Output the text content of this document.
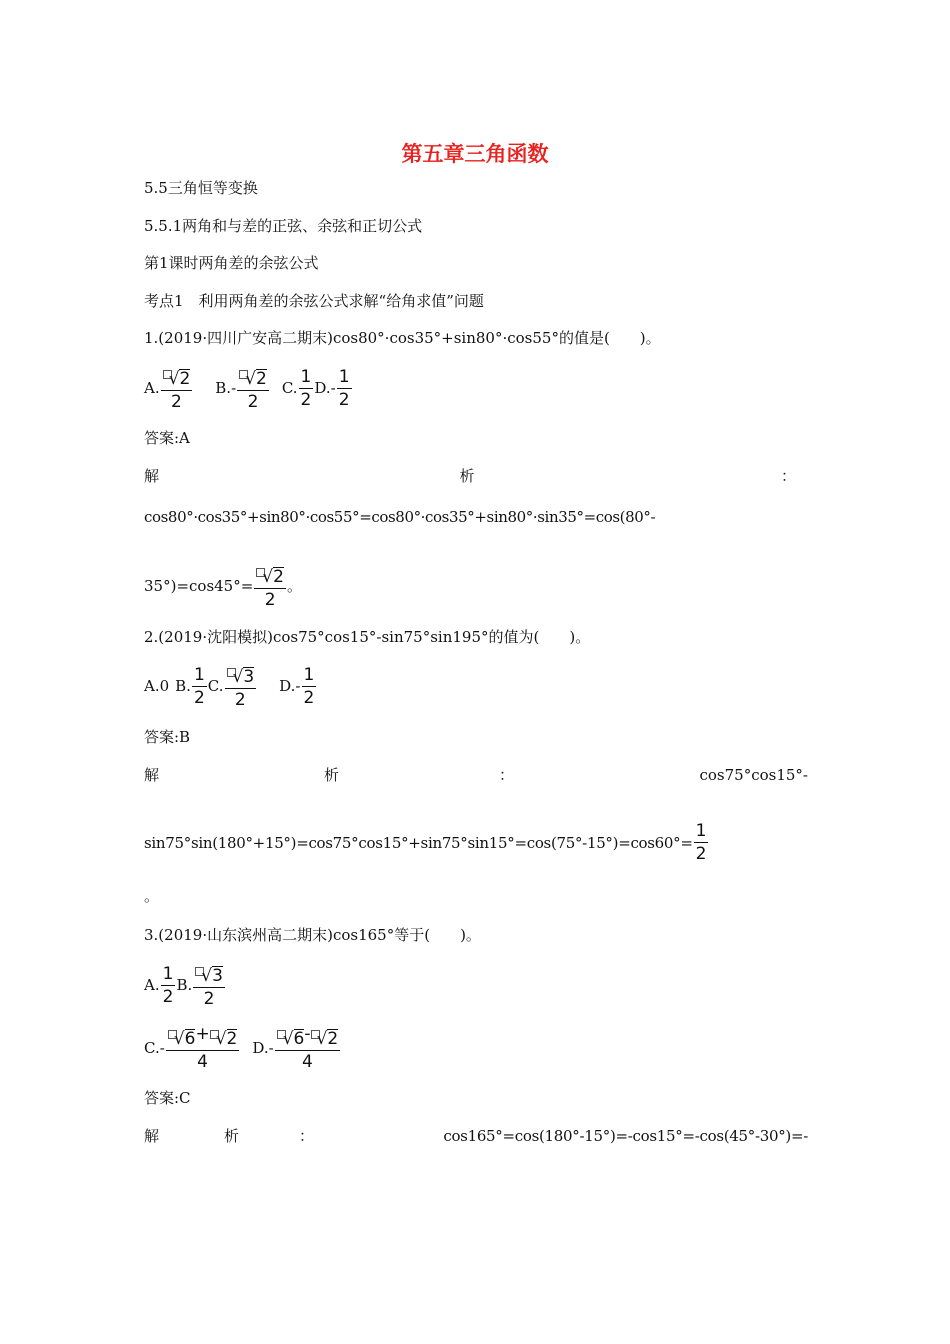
第五章三角函数
5.5三角恒等变换
5.5.1两角和与差的正弦、余弦和正切公式
第1课时两角差的余弦公式
考点1　利用两角差的余弦公式求解“给角求值”问题
1.(2019·四川广安高二期末)cos80°·cos35°+sin80°·cos55°的值是(　　)。
A. $\frac{√ 2}{2} B.- \frac{√ 2}{2} C$. $\frac{1}{2} D.- \frac{1}{2}$
答案:A
解	析	：
cos80°·cos35°+sin80°·cos55°=cos80°·cos35°+sin80°·sin35°=cos(80°-
$35^\circ)=\cos 45^\circ= \frac{√ 2}{2}$ 。
2.(2019·沈阳模拟)cos75°cos15°-sin75°sin195°的值为(　　)。
A.0 B. $\frac{1}{2} C$. $\frac{√ 3}{2} D.- \frac{1}{2}$
答案:B
解	析	：	cos75°cos15°-
$\sin 75^\circ\sin(180^\circ+15^\circ)=\cos 75^\circ\cos 15^\circ+\sin 75^\circ\sin 15^\circ=\cos(75^\circ-15^\circ)=\cos 60^\circ= \frac{1}{2}$
。
3.(2019·山东滨州高二期末)cos165°等于(　　)。
A. $\frac{1}{2} B$. $\frac{√ 3}{2}$
$C.- \frac{√ 6 + √ 2}{4} D.- \frac{√ 6 - √ 2}{4}$
答案:C
解	析	：	cos165°=cos(180°-15°)=-cos15°=-cos(45°-30°)=-
